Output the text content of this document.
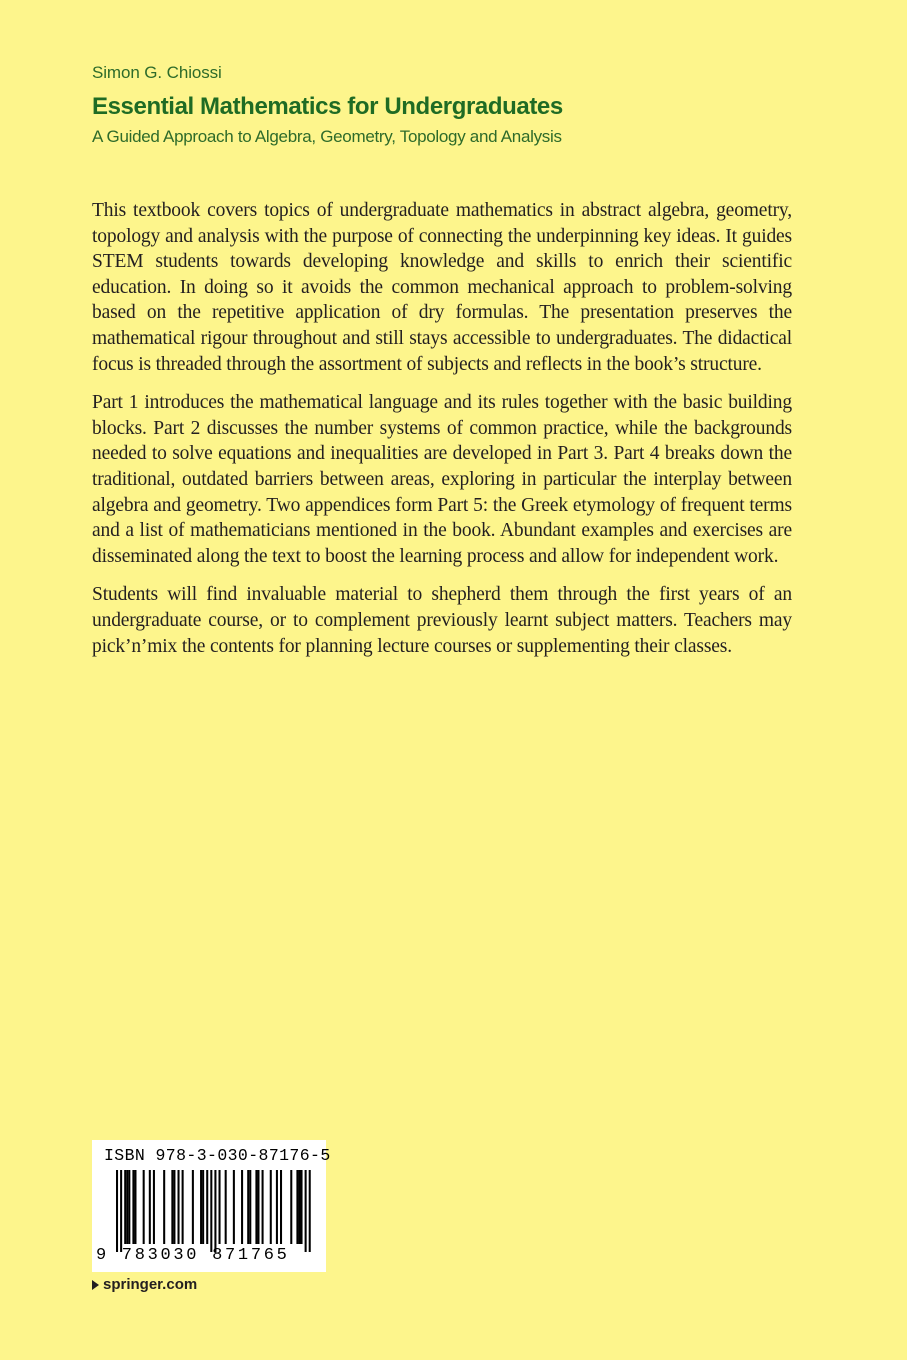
Simon G. Chiossi
Essential Mathematics for Undergraduates
A Guided Approach to Algebra, Geometry, Topology and Analysis

This textbook covers topics of undergraduate mathematics in abstract algebra, geometry, topology and analysis with the purpose of connecting the underpinning key ideas. It guides STEM students towards developing knowledge and skills to enrich their scientific education. In doing so it avoids the common mechanical approach to problem-solving based on the repetitive application of dry formulas. The presentation preserves the mathematical rigour throughout and still stays accessible to undergraduates. The didactical focus is threaded through the assortment of subjects and reflects in the book’s structure.

Part 1 introduces the mathematical language and its rules together with the basic building blocks. Part 2 discusses the number systems of common practice, while the backgrounds needed to solve equations and inequalities are developed in Part 3. Part 4 breaks down the traditional, outdated barriers between areas, exploring in particular the interplay between algebra and geometry. Two appendices form Part 5: the Greek etymology of frequent terms and a list of mathematicians mentioned in the book. Abundant examples and exercises are disseminated along the text to boost the learning process and allow for independent work.

Students will find invaluable material to shepherd them through the first years of an undergraduate course, or to complement previously learnt subject matters. Teachers may pick’n’mix the contents for planning lecture courses or supplementing their classes.

ISBN 978-3-030-87176-5
9 783030 871765
springer.com
